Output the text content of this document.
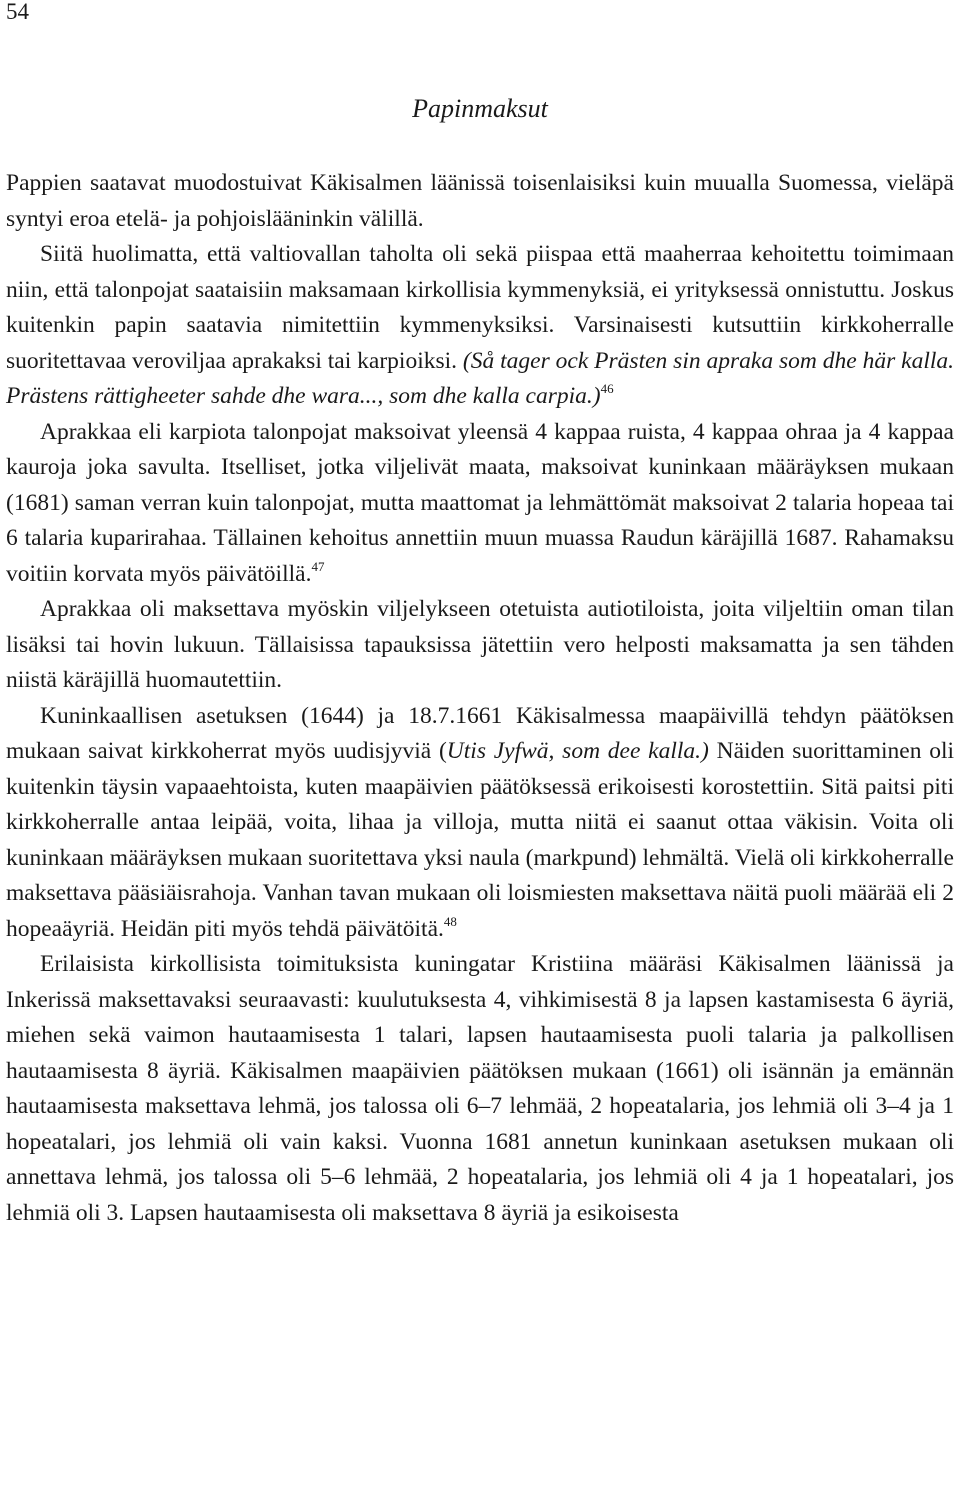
54
Papinmaksut

Pappien saatavat muodostuivat Käkisalmen läänissä toisenlaisiksi kuin muualla Suomessa, vieläpä syntyi eroa etelä- ja pohjoislääninkin välillä.

Siitä huolimatta, että valtiovallan taholta oli sekä piispaa että maaherraa kehoitettu toimimaan niin, että talonpojat saataisiin maksamaan kirkollisia kymmenyksiä, ei yrityksessä onnistuttu. Joskus kuitenkin papin saatavia nimitettiin kymmenyksiksi. Varsinaisesti kutsuttiin kirkkoherralle suoritettavaa veroviljaa aprakaksi tai karpioiksi. (Så tager ock Prästen sin apraka som dhe här kalla. Prästens rättigheeter sahde dhe wara..., som dhe kalla carpia.)$^{46}$

Aprakkaa eli karpiota talonpojat maksoivat yleensä 4 kappaa ruista, 4 kappaa ohraa ja 4 kappaa kauroja joka savulta. Itselliset, jotka viljelivät maata, maksoivat kuninkaan määräyksen mukaan (1681) saman verran kuin talonpojat, mutta maattomat ja lehmättömät maksoivat 2 talaria hopeaa tai 6 talaria kuparirahaa. Tällainen kehoitus annettiin muun muassa Raudun käräjillä 1687. Rahamaksu voitiin korvata myös päivätöillä.$^{47}$

Aprakkaa oli maksettava myöskin viljelykseen otetuista autiotiloista, joita viljeltiin oman tilan lisäksi tai hovin lukuun. Tällaisissa tapauksissa jätettiin vero helposti maksamatta ja sen tähden niistä käräjillä huomautettiin.

Kuninkaallisen asetuksen (1644) ja 18.7.1661 Käkisalmessa maapäivillä tehdyn päätöksen mukaan saivat kirkkoherrat myös uudisjyviä (Utis Jyfwä, som dee kalla.) Näiden suorittaminen oli kuitenkin täysin vapaaehtoista, kuten maapäivien päätöksessä erikoisesti korostettiin. Sitä paitsi piti kirkkoherralle antaa leipää, voita, lihaa ja villoja, mutta niitä ei saanut ottaa väkisin. Voita oli kuninkaan määräyksen mukaan suoritettava yksi naula (markpund) lehmältä. Vielä oli kirkkoherralle maksettava pääsiäisrahoja. Vanhan tavan mukaan oli loismiesten maksettava näitä puoli määrää eli 2 hopeaäyriä. Heidän piti myös tehdä päivätöitä.$^{48}$

Erilaisista kirkollisista toimituksista kuningatar Kristiina määräsi Käkisalmen läänissä ja Inkerissä maksettavaksi seuraavasti: kuulutuksesta 4, vihkimisestä 8 ja lapsen kastamisesta 6 äyriä, miehen sekä vaimon hautaamisesta 1 talari, lapsen hautaamisesta puoli talaria ja palkollisen hautaamisesta 8 äyriä. Käkisalmen maapäivien päätöksen mukaan (1661) oli isännän ja emännän hautaamisesta maksettava lehmä, jos talossa oli 6–7 lehmää, 2 hopeatalaria, jos lehmiä oli 3–4 ja 1 hopeatalari, jos lehmiä oli vain kaksi. Vuonna 1681 annetun kuninkaan asetuksen mukaan oli annettava lehmä, jos talossa oli 5–6 lehmää, 2 hopeatalaria, jos lehmiä oli 4 ja 1 hopeatalari, jos lehmiä oli 3. Lapsen hautaamisesta oli maksettava 8 äyriä ja esikoisesta
